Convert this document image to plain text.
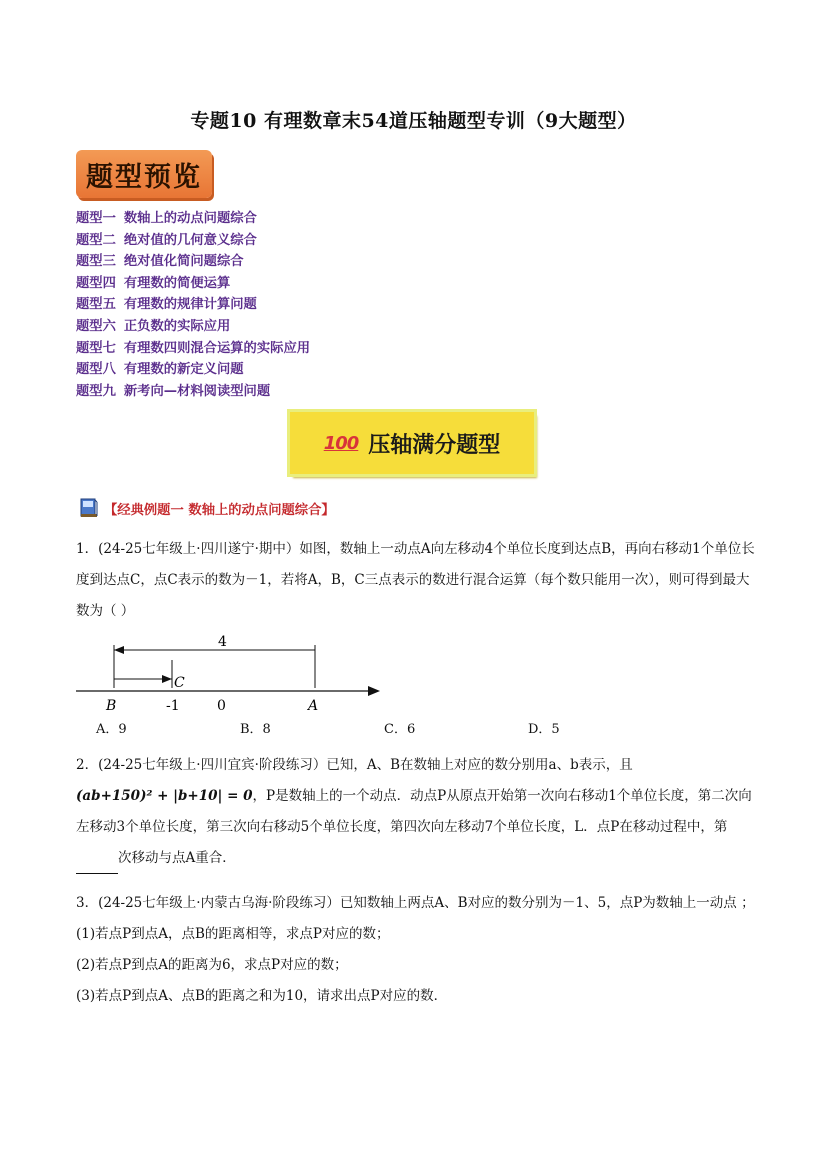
专题10 有理数章末54道压轴题型专训（9大题型）
题型预览
题型一 数轴上的动点问题综合
题型二 绝对值的几何意义综合
题型三 绝对值化简问题综合
题型四 有理数的简便运算
题型五 有理数的规律计算问题
题型六 正负数的实际应用
题型七 有理数四则混合运算的实际应用
题型八 有理数的新定义问题
题型九 新考向—材料阅读型问题
100 压轴满分题型
【经典例题一 数轴上的动点问题综合】
1．(24-25七年级上·四川遂宁·期中）如图，数轴上一动点A向左移动4个单位长度到达点B，再向右移动1个单位长度到达点C，点C表示的数为－1，若将A，B，C三点表示的数进行混合运算（每个数只能用一次），则可得到最大数为（ ）
4
C
B	-1	0	A
A．9	B．8	C．6	D．5
2．(24-25七年级上·四川宜宾·阶段练习）已知，A、B在数轴上对应的数分别用a、b表示，且
(ab+150)² + |b+10| = 0，P是数轴上的一个动点．动点P从原点开始第一次向右移动1个单位长度，第二次向左移动3个单位长度，第三次向右移动5个单位长度，第四次向左移动7个单位长度，L．点P在移动过程中，第次移动与点A重合．
3．(24-25七年级上·内蒙古乌海·阶段练习）已知数轴上两点A、B对应的数分别为－1、5，点P为数轴上一动点 ；
(1)若点P到点A，点B的距离相等，求点P对应的数；
(2)若点P到点A的距离为6，求点P对应的数；
(3)若点P到点A、点B的距离之和为10，请求出点P对应的数．
